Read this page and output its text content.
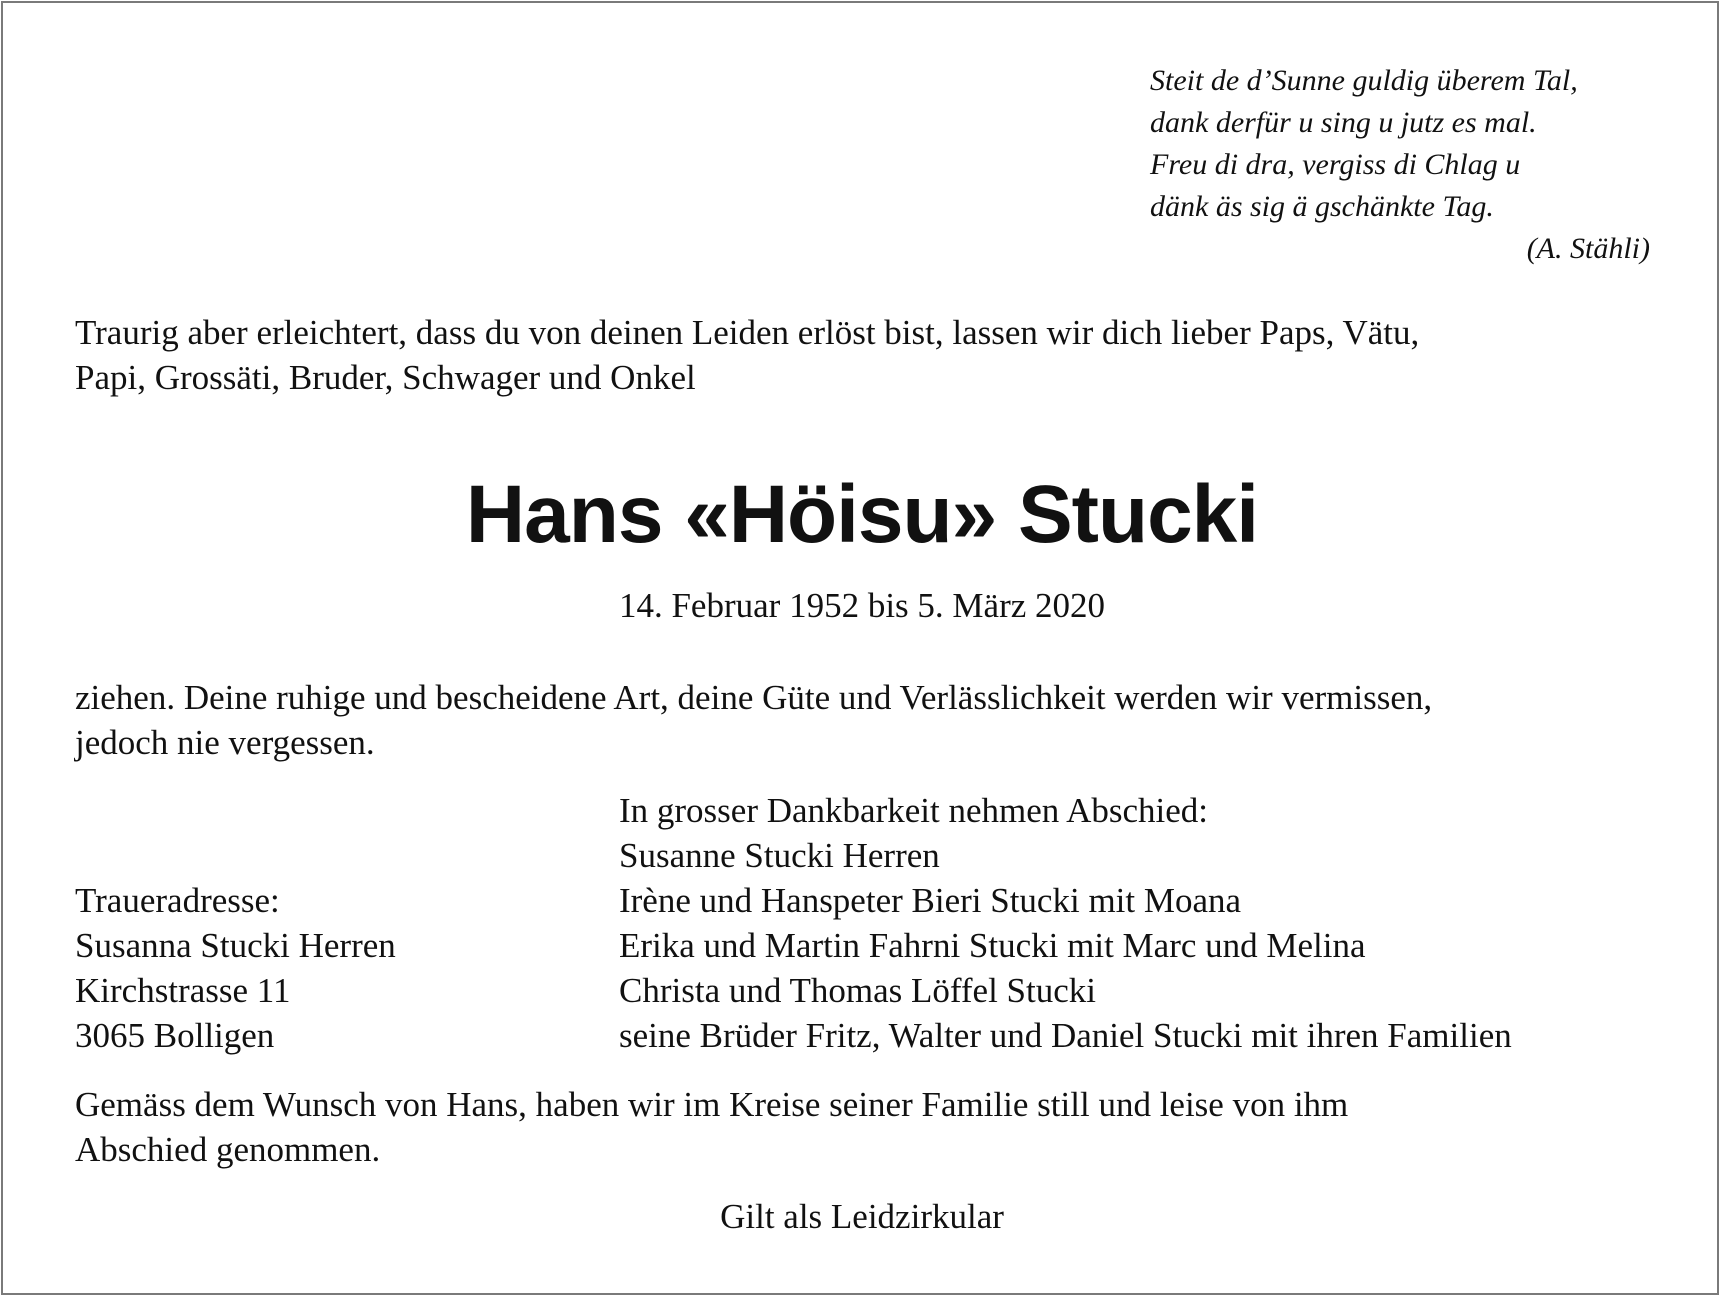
Steit de d’Sunne guldig überem Tal,
dank derfür u sing u jutz es mal.
Freu di dra, vergiss di Chlag u
dänk äs sig ä gschänkte Tag.
(A. Stähli)
Traurig aber erleichtert, dass du von deinen Leiden erlöst bist, lassen wir dich lieber Paps, Vätu,
Papi, Grossäti, Bruder, Schwager und Onkel
Hans «Höisu» Stucki
14. Februar 1952 bis 5. März 2020
ziehen. Deine ruhige und bescheidene Art, deine Güte und Verlässlichkeit werden wir vermissen,
jedoch nie vergessen.
In grosser Dankbarkeit nehmen Abschied:
Susanne Stucki Herren
Irène und Hanspeter Bieri Stucki mit Moana
Erika und Martin Fahrni Stucki mit Marc und Melina
Christa und Thomas Löffel Stucki
seine Brüder Fritz, Walter und Daniel Stucki mit ihren Familien
Traueradresse:
Susanna Stucki Herren
Kirchstrasse 11
3065 Bolligen
Gemäss dem Wunsch von Hans, haben wir im Kreise seiner Familie still und leise von ihm
Abschied genommen.
Gilt als Leidzirkular
